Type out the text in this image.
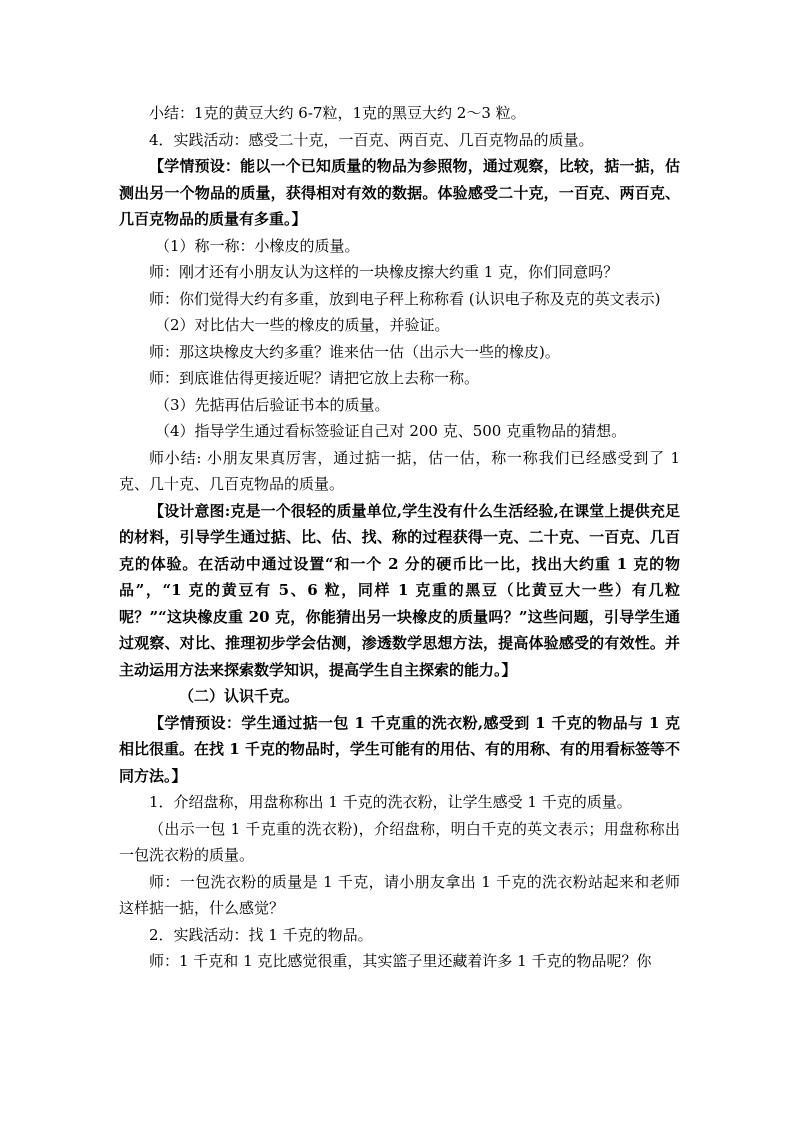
小结：1克的黄豆大约 6-7粒，1克的黑豆大约 2～3 粒。

4．实践活动：感受二十克，一百克、两百克、几百克物品的质量。

【学情预设：能以一个已知质量的物品为参照物，通过观察，比较，掂一掂，估测出另一个物品的质量，获得相对有效的数据。体验感受二十克，一百克、两百克、几百克物品的质量有多重。】

（1）称一称：小橡皮的质量。

师：刚才还有小朋友认为这样的一块橡皮擦大约重 1 克，你们同意吗？

师：你们觉得大约有多重，放到电子秤上称称看 (认识电子称及克的英文表示)

（2）对比估大一些的橡皮的质量，并验证。

师：那这块橡皮大约多重？谁来估一估（出示大一些的橡皮)。

师：到底谁估得更接近呢？请把它放上去称一称。

（3）先掂再估后验证书本的质量。

（4）指导学生通过看标签验证自己对 200 克、500 克重物品的猜想。

师小结: 小朋友果真厉害，通过掂一掂，估一估，称一称我们已经感受到了 1克、几十克、几百克物品的质量。

【设计意图:克是一个很轻的质量单位,学生没有什么生活经验,在课堂上提供充足的材料，引导学生通过掂、比、估、找、称的过程获得一克、二十克、一百克、几百克的体验。在活动中通过设置“和一个 2 分的硬币比一比，找出大约重 1 克的物品”，“1 克的黄豆有 5、6 粒，同样 1 克重的黑豆（比黄豆大一些）有几粒呢？”“这块橡皮重 20 克，你能猜出另一块橡皮的质量吗？”这些问题，引导学生通过观察、对比、推理初步学会估测，渗透数学思想方法，提高体验感受的有效性。并主动运用方法来探索数学知识，提高学生自主探索的能力。】

（二）认识千克。

【学情预设：学生通过掂一包 1 千克重的洗衣粉,感受到 1 千克的物品与 1 克相比很重。在找 1 千克的物品时，学生可能有的用估、有的用称、有的用看标签等不同方法。】

1．介绍盘称，用盘称称出 1 千克的洗衣粉，让学生感受 1 千克的质量。

（出示一包 1 千克重的洗衣粉)，介绍盘称，明白千克的英文表示；用盘称称出一包洗衣粉的质量。

师：一包洗衣粉的质量是 1 千克，请小朋友拿出 1 千克的洗衣粉站起来和老师这样掂一掂，什么感觉？

2．实践活动：找 1 千克的物品。

师：1 千克和 1 克比感觉很重，其实篮子里还藏着许多 1 千克的物品呢？你
